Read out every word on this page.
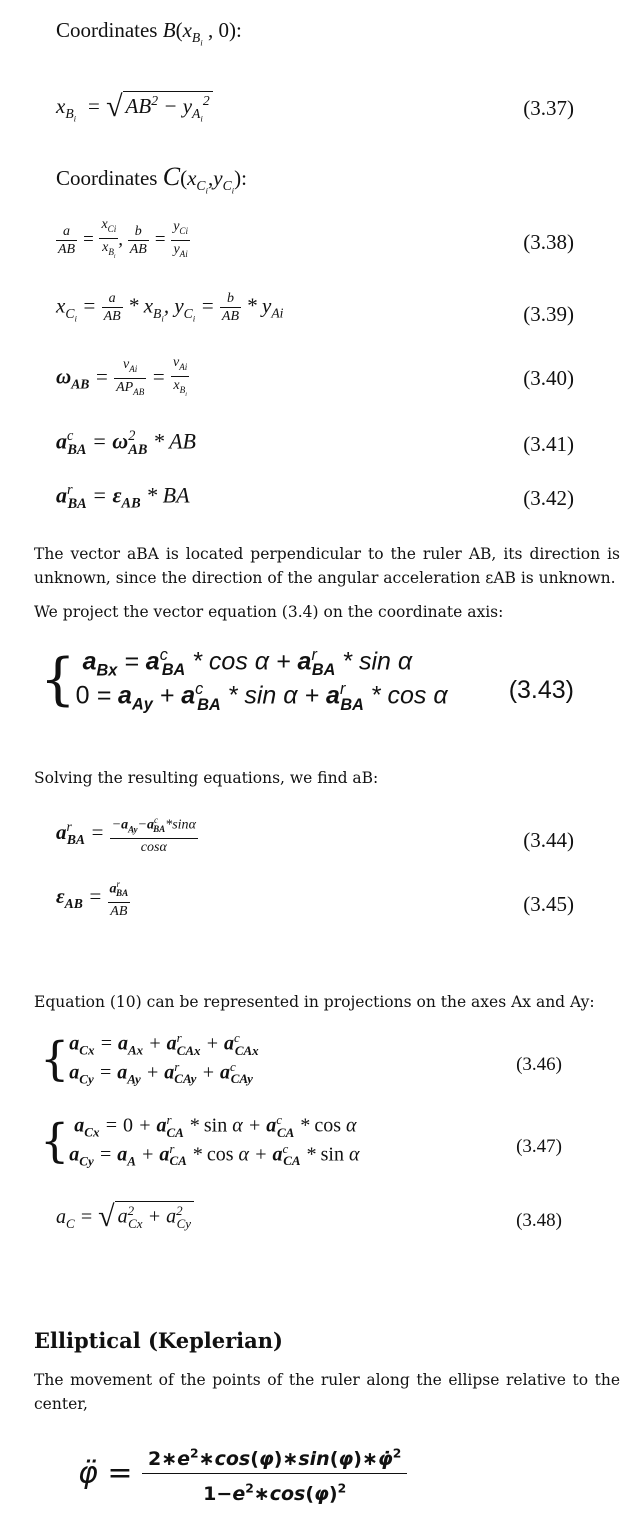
Coordinates $B(x_{B_i}$ , 0):
$x_{B_i}$  = √ $AB^2 - y_{A_i}^2$	(3.37)
Coordinates $C(x_{C_i},y_{C_i})$:
$\frac{a}{AB} = \frac{x_{Ci}}{x_{B_i}}$ , $\frac{b}{AB} = \frac{y_{Ci}}{y_{Ai}}$	(3.38)
$x_{C_i} = \frac{a}{AB} * x_{B_i}$, $y_{C_i} = \frac{b}{AB} * y_{Ai}$	(3.39)
$\omega_{AB} = \frac{v_{Ai}}{AP_{AB}} = \frac{v_{Ai}}{x_{B_i}}$	(3.40)
$a^c_{BA} = \omega^2_{AB}$ * AB	(3.41)
$a^r_{BA} = \varepsilon_{AB}$ * BA	(3.42)
The vector aBA is located perpendicular to the ruler AB, its direction is unknown, since the direction of the angular acceleration εAB is unknown.
We project the vector equation (3.4) on the coordinate axis:
{ $a_{Bx} = a^c_{BA} * \cos \alpha + a^r_{BA} * \sin \alpha$
$0 = a_{Ay} + a^c_{BA} * \sin \alpha + a^r_{BA} * \cos \alpha$ (3.43)
Solving the resulting equations, we find aB:
$a^r_{BA} = \frac{-a_{Ay}-a^c_{BA}*\sin\alpha}{\cos\alpha}$	(3.44)
$\varepsilon_{AB} = \frac{a^r_{BA}}{AB}$	(3.45)
Equation (10) can be represented in projections on the axes Ax and Ay:
{ $a_{Cx} = a_{Ax} + a^r_{CAx} + a^c_{CAx}$
$a_{Cy} = a_{Ay} + a^r_{CAy} + a^c_{CAy}$
(3.46)
{ $a_{Cx} = 0 + a^r_{CA} * \sin \alpha + a^c_{CA} * \cos \alpha$
$a_{Cy} = a_A + a^r_{CA} * \cos \alpha + a^c_{CA} * \sin \alpha$	(3.47)
$a_C$ = √ $a^2_{Cx} + a^2_{Cy}$	(3.48)
Elliptical (Keplerian)
The movement of the points of the ruler along the ellipse relative to the center,
φ̈ = $\frac{2∗e^2∗\cos(\varphi)∗\sin(\varphi)∗\varphi̇^2}{1-e^2∗\cos(\varphi)^2}$
